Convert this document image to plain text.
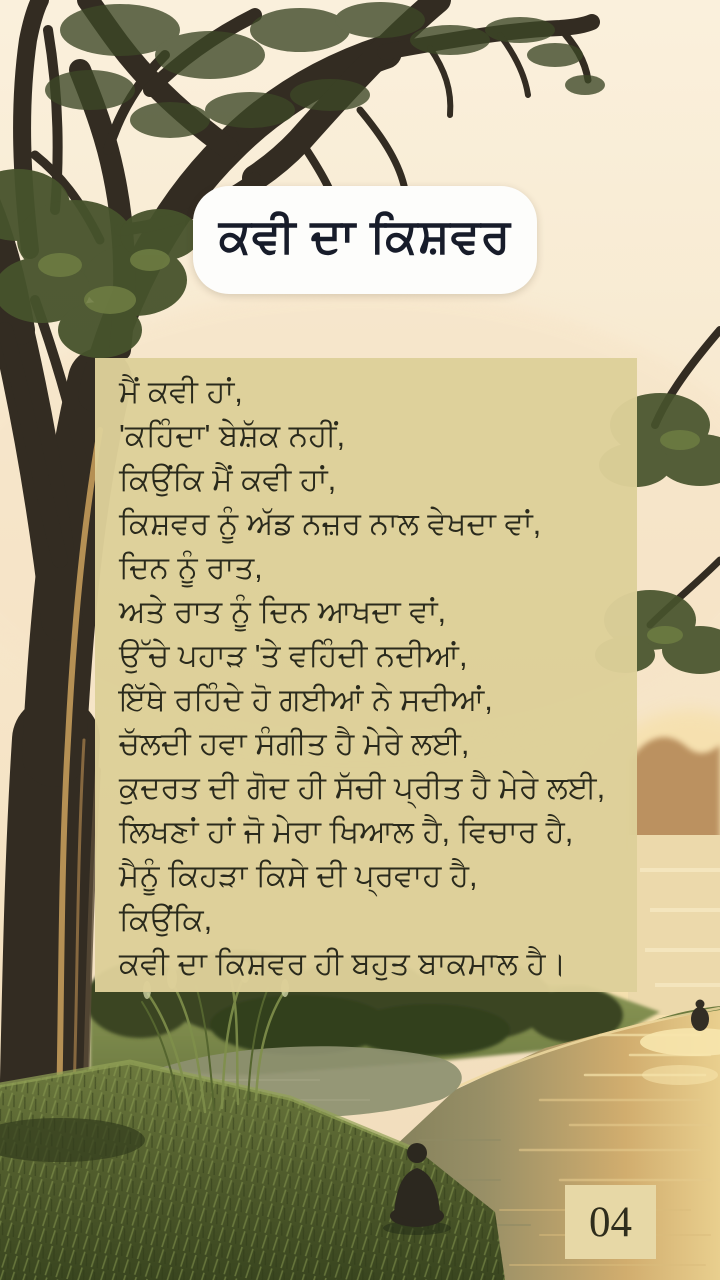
ਕਵੀ ਦਾ ਕਿਸ਼ਵਰ
ਮੈਂ ਕਵੀ ਹਾਂ,
'ਕਹਿੰਦਾ' ਬੇਸ਼ੱਕ ਨਹੀਂ,
ਕਿਉਂਕਿ ਮੈਂ ਕਵੀ ਹਾਂ,
ਕਿਸ਼ਵਰ ਨੂੰ ਅੱਡ ਨਜ਼ਰ ਨਾਲ ਵੇਖਦਾ ਵਾਂ,
ਦਿਨ ਨੂੰ ਰਾਤ,
ਅਤੇ ਰਾਤ ਨੂੰ ਦਿਨ ਆਖਦਾ ਵਾਂ,
ਉੱਚੇ ਪਹਾੜ 'ਤੇ ਵਹਿੰਦੀ ਨਦੀਆਂ,
ਇੱਥੇ ਰਹਿੰਦੇ ਹੋ ਗਈਆਂ ਨੇ ਸਦੀਆਂ,
ਚੱਲਦੀ ਹਵਾ ਸੰਗੀਤ ਹੈ ਮੇਰੇ ਲਈ,
ਕੁਦਰਤ ਦੀ ਗੋਦ ਹੀ ਸੱਚੀ ਪ੍ਰੀਤ ਹੈ ਮੇਰੇ ਲਈ,
ਲਿਖਣਾਂ ਹਾਂ ਜੋ ਮੇਰਾ ਖਿਆਲ ਹੈ, ਵਿਚਾਰ ਹੈ,
ਮੈਨੂੰ ਕਿਹੜਾ ਕਿਸੇ ਦੀ ਪ੍ਰਵਾਹ ਹੈ,
ਕਿਉਂਕਿ,
ਕਵੀ ਦਾ ਕਿਸ਼ਵਰ ਹੀ ਬਹੁਤ ਬਾਕਮਾਲ ਹੈ।
04
